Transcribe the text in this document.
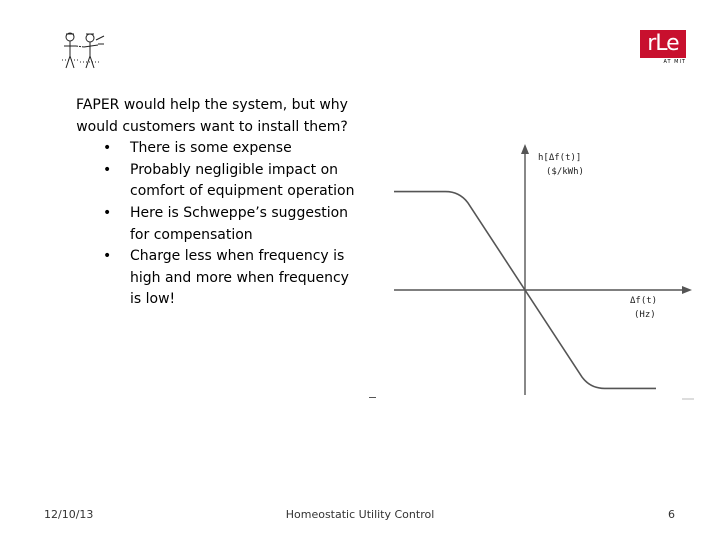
rLe
AT MIT

FAPER would help the system, but why would customers want to install them?

• There is some expense
• Probably negligible impact on comfort of equipment operation
• Here is Schweppe’s suggestion for compensation
• Charge less when frequency is high and more when frequency is low!
h[Δf(t)]
($/kWh)
Δf(t)
(Hz)
12/10/13	Homeostatic Utility Control	6
